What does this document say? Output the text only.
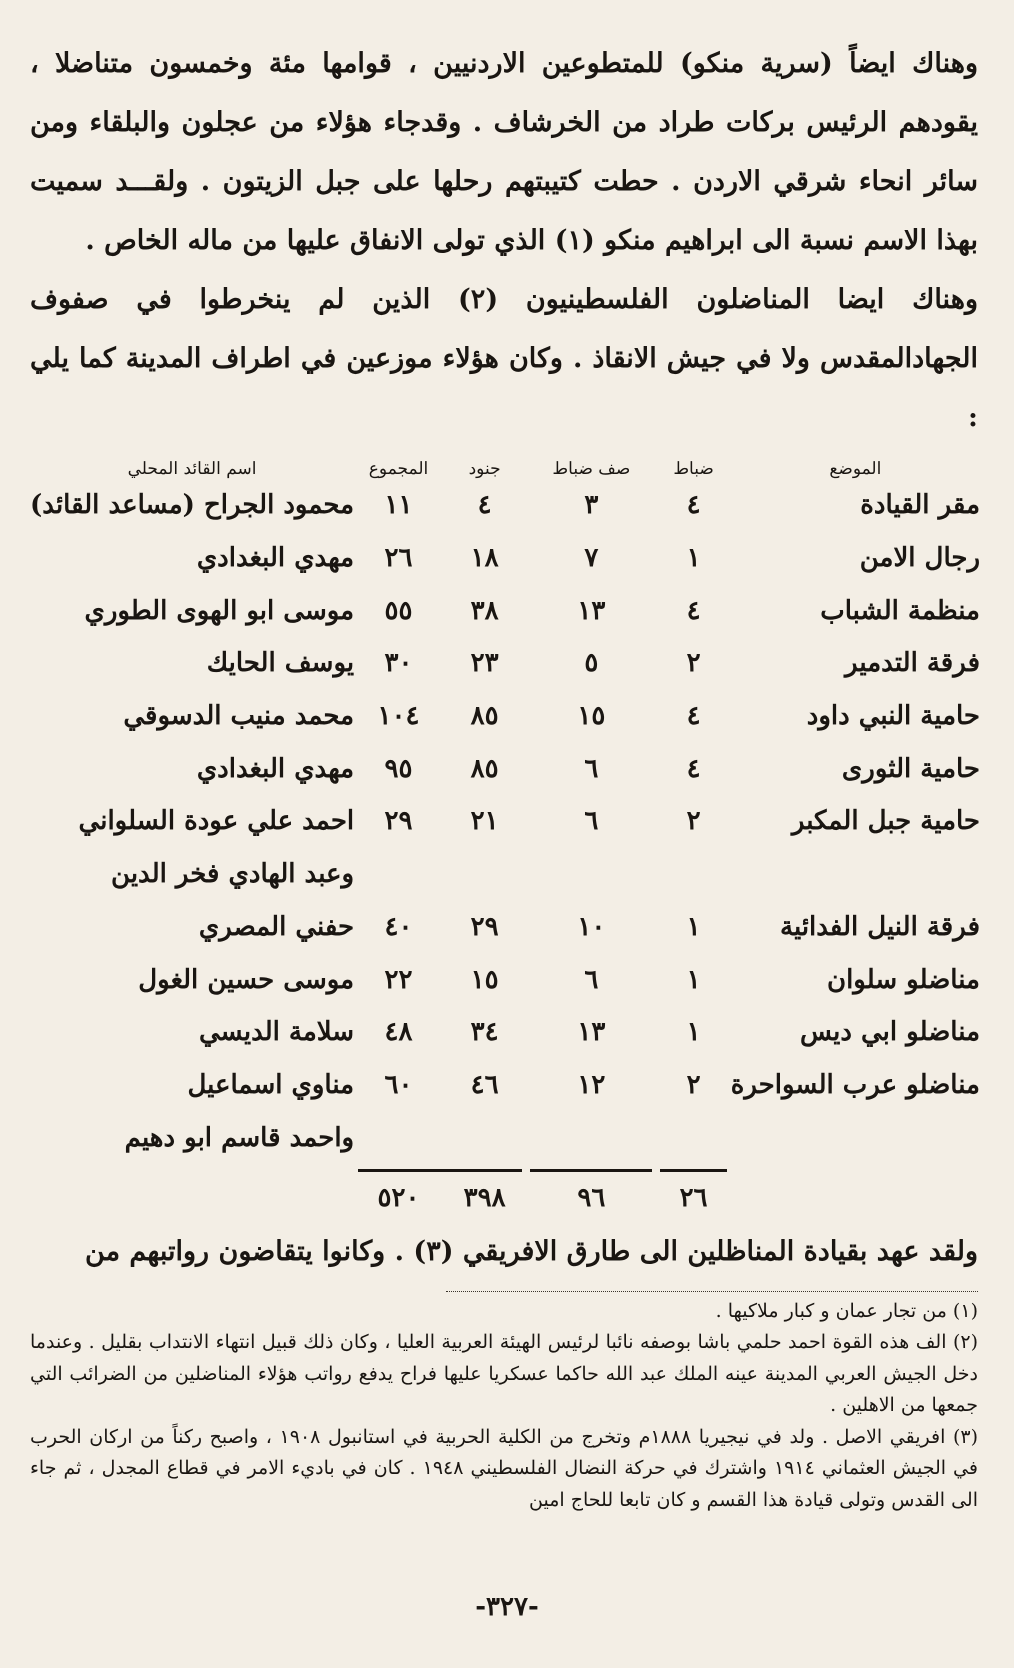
وهناك ايضاً (سرية منكو) للمتطوعين الاردنيين ، قوامها مئة وخمسون متناضلا ، يقودهم الرئيس بركات طراد من الخرشاف . وقدجاء هؤلاء من عجلون والبلقاء ومن سائر انحاء شرقي الاردن . حطت كتيبتهم رحلها على جبل الزيتون . ولقـــد سميت بهذا الاسم نسبة الى ابراهيم منكو (١) الذي تولى الانفاق عليها من ماله الخاص .

وهناك ايضا المناضلون الفلسطينيون (٢) الذين لم ينخرطوا في صفوف الجهادالمقدس ولا في جيش الانقاذ . وكان هؤلاء موزعين في اطراف المدينة كما يلي :

الموضع	ضباط	صف ضباط	جنود	المجموع	اسم القائد المحلي
مقر القيادة	٤	٣	٤	١١	محمود الجراح (مساعد القائد)
رجال الامن	١	٧	١٨	٢٦	مهدي البغدادي
منظمة الشباب	٤	١٣	٣٨	٥٥	موسى ابو الهوى الطوري
فرقة التدمير	٢	٥	٢٣	٣٠	يوسف الحايك
حامية النبي داود	٤	١٥	٨٥	١٠٤	محمد منيب الدسوقي
حامية الثورى	٤	٦	٨٥	٩٥	مهدي البغدادي
حامية جبل المكبر	٢	٦	٢١	٢٩	احمد علي عودة السلواني
					وعبد الهادي فخر الدين
فرقة النيل الفدائية	١	١٠	٢٩	٤٠	حفني المصري
مناضلو سلوان	١	٦	١٥	٢٢	موسى حسين الغول
مناضلو ابي ديس	١	١٣	٣٤	٤٨	سلامة الديسي
مناضلو عرب السواحرة	٢	١٢	٤٦	٦٠	مناوي اسماعيل
					واحمد قاسم ابو دهيم

	٢٦	٩٦	٣٩٨	٥٢٠	

ولقد عهد بقيادة المناظلين الى طارق الافريقي (٣) . وكانوا يتقاضون رواتبهم من

(١) من تجار عمان و كبار ملاكيها .

(٢) الف هذه القوة احمد حلمي باشا بوصفه نائبا لرئيس الهيئة العربية العليا ، وكان ذلك قبيل انتهاء الانتداب بقليل . وعندما دخل الجيش العربي المدينة عينه الملك عبد الله حاكما عسكريا عليها فراح يدفع رواتب هؤلاء المناضلين من الضرائب التي جمعها من الاهلين .

(٣) افريقي الاصل . ولد في نيجيريا ١٨٨٨م وتخرج من الكلية الحربية في استانبول ١٩٠٨ ، واصبح ركناً من اركان الحرب في الجيش العثماني ١٩١٤ واشترك في حركة النضال الفلسطيني ١٩٤٨ . كان في باديء الامر في قطاع المجدل ، ثم جاء الى القدس وتولى قيادة هذا القسم و كان تابعا للحاج امين

-٣٢٧-
